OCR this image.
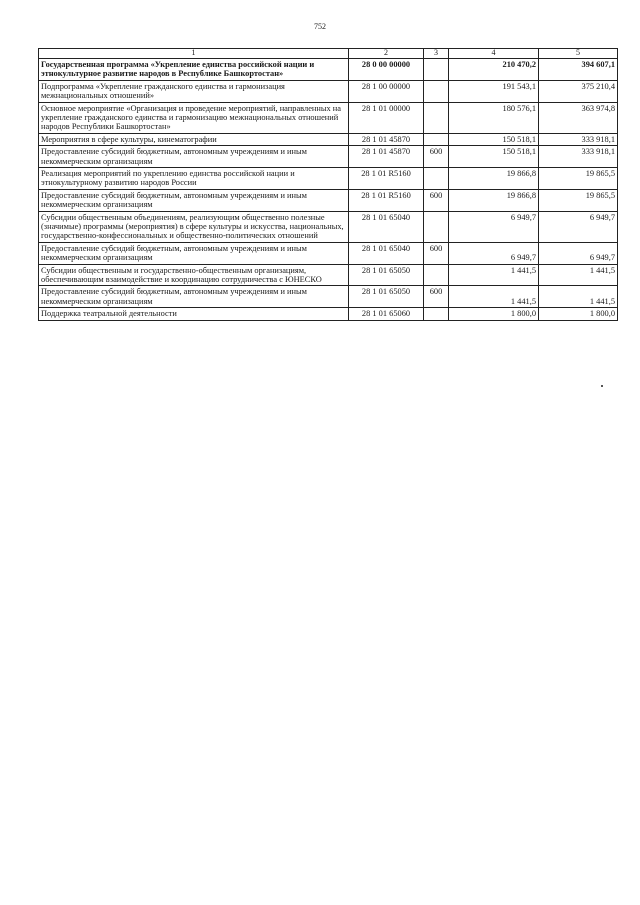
752
1	2	3	4	5
Государственная программа «Укрепление единства российской нации и этнокультурное развитие народов в Республике Башкортостан»	28 0 00 00000		210 470,2	394 607,1
Подпрограмма «Укрепление гражданского единства и гармонизация межнациональных отношений»	28 1 00 00000		191 543,1	375 210,4
Основное мероприятие «Организация и проведение мероприятий, направленных на укрепление гражданского единства и гармонизацию межнациональных отношений народов Республики Башкортостан»	28 1 01 00000		180 576,1	363 974,8
Мероприятия в сфере культуры, кинематографии	28 1 01 45870		150 518,1	333 918,1
Предоставление субсидий бюджетным, автономным учреждениям и иным некоммерческим организациям	28 1 01 45870	600	150 518,1	333 918,1
Реализация мероприятий по укреплению единства российской нации и этнокультурному развитию народов России	28 1 01 R5160		19 866,8	19 865,5
Предоставление субсидий бюджетным, автономным учреждениям и иным некоммерческим организациям	28 1 01 R5160	600	19 866,8	19 865,5
Субсидии общественным объединениям, реализующим общественно полезные (значимые) программы (мероприятия) в сфере культуры и искусства, национальных, государственно-конфессиональных и общественно-политических отношений	28 1 01 65040		6 949,7	6 949,7
Предоставление субсидий бюджетным, автономным учреждениям и иным некоммерческим организациям	28 1 01 65040	600	6 949,7	6 949,7
Субсидии общественным и государственно-общественным организациям, обеспечивающим взаимодействие и координацию сотрудничества с ЮНЕСКО	28 1 01 65050		1 441,5	1 441,5
Предоставление субсидий бюджетным, автономным учреждениям и иным некоммерческим организациям	28 1 01 65050	600	1 441,5	1 441,5
Поддержка театральной деятельности	28 1 01 65060		1 800,0	1 800,0
